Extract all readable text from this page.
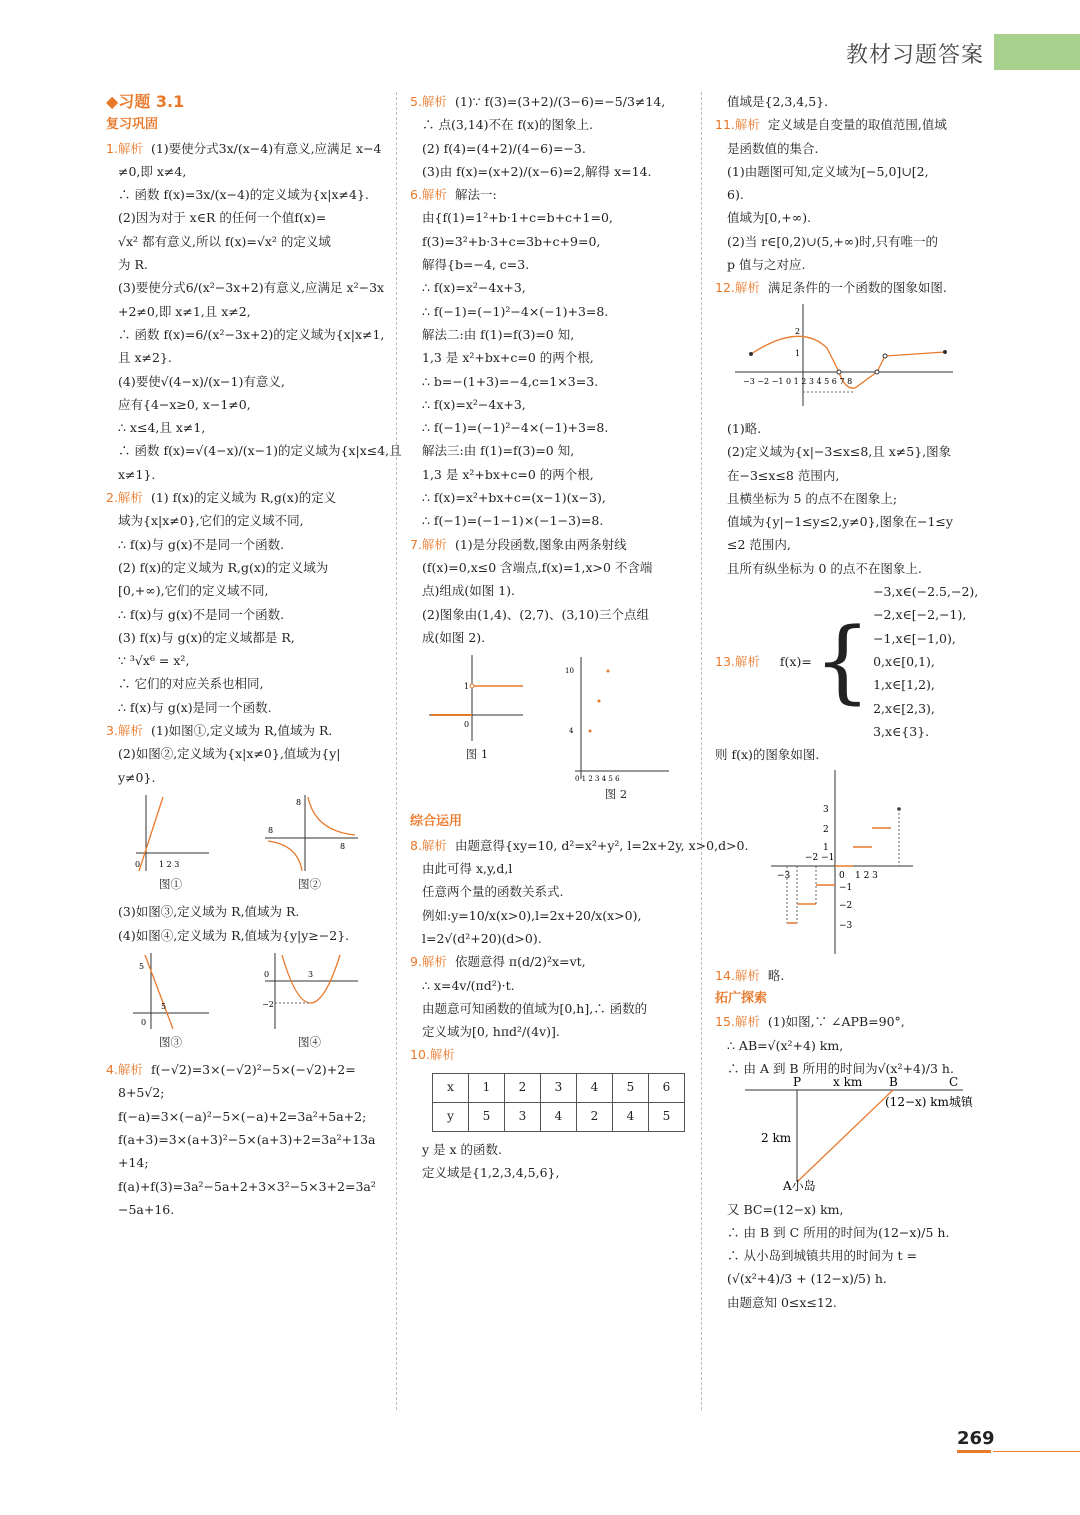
教材习题答案
◆习题 3.1
复习巩固
1.解析 (1)要使分式3x/(x−4)有意义,应满足 x−4
≠0,即 x≠4,
∴ 函数 f(x)=3x/(x−4)的定义域为{x|x≠4}.
(2)因为对于 x∈R 的任何一个值f(x)=
√x² 都有意义,所以 f(x)=√x² 的定义域
为 R.
(3)要使分式6/(x²−3x+2)有意义,应满足 x²−3x
+2≠0,即 x≠1,且 x≠2,
∴ 函数 f(x)=6/(x²−3x+2)的定义域为{x|x≠1,
且 x≠2}.
(4)要使√(4−x)/(x−1)有意义,
应有{4−x≥0, x−1≠0,
∴ x≤4,且 x≠1,
∴ 函数 f(x)=√(4−x)/(x−1)的定义域为{x|x≤4,且
x≠1}.
2.解析 (1) f(x)的定义域为 R,g(x)的定义
域为{x|x≠0},它们的定义域不同,
∴ f(x)与 g(x)不是同一个函数.
(2) f(x)的定义域为 R,g(x)的定义域为
[0,+∞),它们的定义域不同,
∴ f(x)与 g(x)不是同一个函数.
(3) f(x)与 g(x)的定义域都是 R,
∵ ³√x⁶ = x²,
∴ 它们的对应关系也相同,
∴ f(x)与 g(x)是同一个函数.
3.解析 (1)如图①,定义域为 R,值域为 R.
(2)如图②,定义域为{x|x≠0},值域为{y|
y≠0}.
0 1 2 3
图①
8
8
8
图②
(3)如图③,定义域为 R,值域为 R.
(4)如图④,定义域为 R,值域为{y|y≥−2}.
5
5
0
图③
0	3
−2
图④
4.解析 f(−√2)=3×(−√2)²−5×(−√2)+2=
8+5√2;
f(−a)=3×(−a)²−5×(−a)+2=3a²+5a+2;
f(a+3)=3×(a+3)²−5×(a+3)+2=3a²+13a
+14;
f(a)+f(3)=3a²−5a+2+3×3²−5×3+2=3a²
−5a+16.
5.解析 (1)∵ f(3)=(3+2)/(3−6)=−5/3≠14,
∴ 点(3,14)不在 f(x)的图象上.
(2) f(4)=(4+2)/(4−6)=−3.
(3)由 f(x)=(x+2)/(x−6)=2,解得 x=14.
6.解析 解法一:
由{f(1)=1²+b·1+c=b+c+1=0,
f(3)=3²+b·3+c=3b+c+9=0,
解得{b=−4, c=3.
∴ f(x)=x²−4x+3,
∴ f(−1)=(−1)²−4×(−1)+3=8.
解法二:由 f(1)=f(3)=0 知,
1,3 是 x²+bx+c=0 的两个根,
∴ b=−(1+3)=−4,c=1×3=3.
∴ f(x)=x²−4x+3,
∴ f(−1)=(−1)²−4×(−1)+3=8.
解法三:由 f(1)=f(3)=0 知,
1,3 是 x²+bx+c=0 的两个根,
∴ f(x)=x²+bx+c=(x−1)(x−3),
∴ f(−1)=(−1−1)×(−1−3)=8.
7.解析 (1)是分段函数,图象由两条射线
(f(x)=0,x≤0 含端点,f(x)=1,x>0 不含端
点)组成(如图 1).
(2)图象由(1,4)、(2,7)、(3,10)三个点组
成(如图 2).
1
0
图 1
10
4
0 1 2 3 4 5 6
图 2
综合运用
8.解析 由题意得{xy=10, d²=x²+y², l=2x+2y, x>0,d>0.
由此可得 x,y,d,l
任意两个量的函数关系式.
例如:y=10/x(x>0),l=2x+20/x(x>0),
l=2√(d²+20)(d>0).
9.解析 依题意得 π(d/2)²x=vt,
∴ x=4v/(πd²)·t.
由题意可知函数的值域为[0,h],∴ 函数的
定义域为[0, hπd²/(4v)].
10.解析
x	1	2	3	4	5	6
y	5	3	4	2	4	5
y 是 x 的函数.
定义域是{1,2,3,4,5,6},
值域是{2,3,4,5}.
11.解析 定义域是自变量的取值范围,值域
是函数值的集合.
(1)由题图可知,定义域为[−5,0]∪[2,
6).
值域为[0,+∞).
(2)当 r∈[0,2)∪(5,+∞)时,只有唯一的
p 值与之对应.
12.解析 满足条件的一个函数的图象如图.
−3 −2 −1 0 1 2 3 4 5 6 7 8
2
1
(1)略.
(2)定义域为{x|−3≤x≤8,且 x≠5},图象
在−3≤x≤8 范围内,
且横坐标为 5 的点不在图象上;
值域为{y|−1≤y≤2,y≠0},图象在−1≤y
≤2 范围内,
且所有纵坐标为 0 的点不在图象上.
13.解析 f(x)= {
−3,x∈(−2.5,−2),
−2,x∈[−2,−1),
−1,x∈[−1,0),
0,x∈[0,1),
1,x∈[1,2),
2,x∈[2,3),
3,x∈{3}.
则 f(x)的图象如图.
−3
−2 −1
0 1 2 3
3
2
1
−1
−2
−3
14.解析 略.
拓广探索
15.解析 (1)如图,∵ ∠APB=90°,
∴ AB=√(x²+4) km,
∴ 由 A 到 B 所用的时间为√(x²+4)/3 h.
P	x km B	C
(12−x) km城镇
2 km
A小岛
又 BC=(12−x) km,
∴ 由 B 到 C 所用的时间为(12−x)/5 h.
∴ 从小岛到城镇共用的时间为 t =
(√(x²+4)/3 + (12−x)/5) h.
由题意知 0≤x≤12.
269
